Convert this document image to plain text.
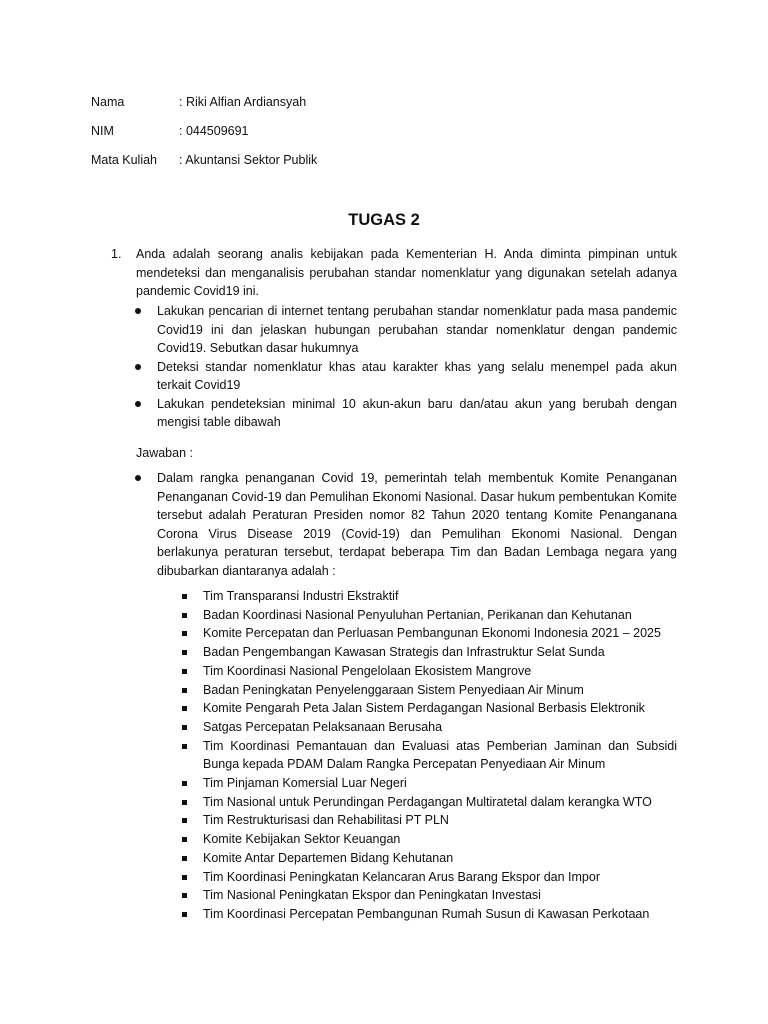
Nama	: Riki Alfian Ardiansyah
NIM	: 044509691
Mata Kuliah : Akuntansi Sektor Publik
TUGAS 2
1. Anda adalah seorang analis kebijakan pada Kementerian H. Anda diminta pimpinan untuk mendeteksi dan menganalisis perubahan standar nomenklatur yang digunakan setelah adanya pandemic Covid19 ini.
Lakukan pencarian di internet tentang perubahan standar nomenklatur pada masa pandemic Covid19 ini dan jelaskan hubungan perubahan standar nomenklatur dengan pandemic Covid19. Sebutkan dasar hukumnya
Deteksi standar nomenklatur khas atau karakter khas yang selalu menempel pada akun terkait Covid19
Lakukan pendeteksian minimal 10 akun-akun baru dan/atau akun yang berubah dengan mengisi table dibawah
Jawaban :
Dalam rangka penanganan Covid 19, pemerintah telah membentuk Komite Penanganan Penanganan Covid-19 dan Pemulihan Ekonomi Nasional. Dasar hukum pembentukan Komite tersebut adalah Peraturan Presiden nomor 82 Tahun 2020 tentang Komite Penanganana Corona Virus Disease 2019 (Covid-19) dan Pemulihan Ekonomi Nasional. Dengan berlakunya peraturan tersebut, terdapat beberapa Tim dan Badan Lembaga negara yang dibubarkan diantaranya adalah :
Tim Transparansi Industri Ekstraktif
Badan Koordinasi Nasional Penyuluhan Pertanian, Perikanan dan Kehutanan
Komite Percepatan dan Perluasan Pembangunan Ekonomi Indonesia 2021 – 2025
Badan Pengembangan Kawasan Strategis dan Infrastruktur Selat Sunda
Tim Koordinasi Nasional Pengelolaan Ekosistem Mangrove
Badan Peningkatan Penyelenggaraan Sistem Penyediaan Air Minum
Komite Pengarah Peta Jalan Sistem Perdagangan Nasional Berbasis Elektronik
Satgas Percepatan Pelaksanaan Berusaha
Tim Koordinasi Pemantauan dan Evaluasi atas Pemberian Jaminan dan Subsidi Bunga kepada PDAM Dalam Rangka Percepatan Penyediaan Air Minum
Tim Pinjaman Komersial Luar Negeri
Tim Nasional untuk Perundingan Perdagangan Multiratetal dalam kerangka WTO
Tim Restrukturisasi dan Rehabilitasi PT PLN
Komite Kebijakan Sektor Keuangan
Komite Antar Departemen Bidang Kehutanan
Tim Koordinasi Peningkatan Kelancaran Arus Barang Ekspor dan Impor
Tim Nasional Peningkatan Ekspor dan Peningkatan Investasi
Tim Koordinasi Percepatan Pembangunan Rumah Susun di Kawasan Perkotaan
